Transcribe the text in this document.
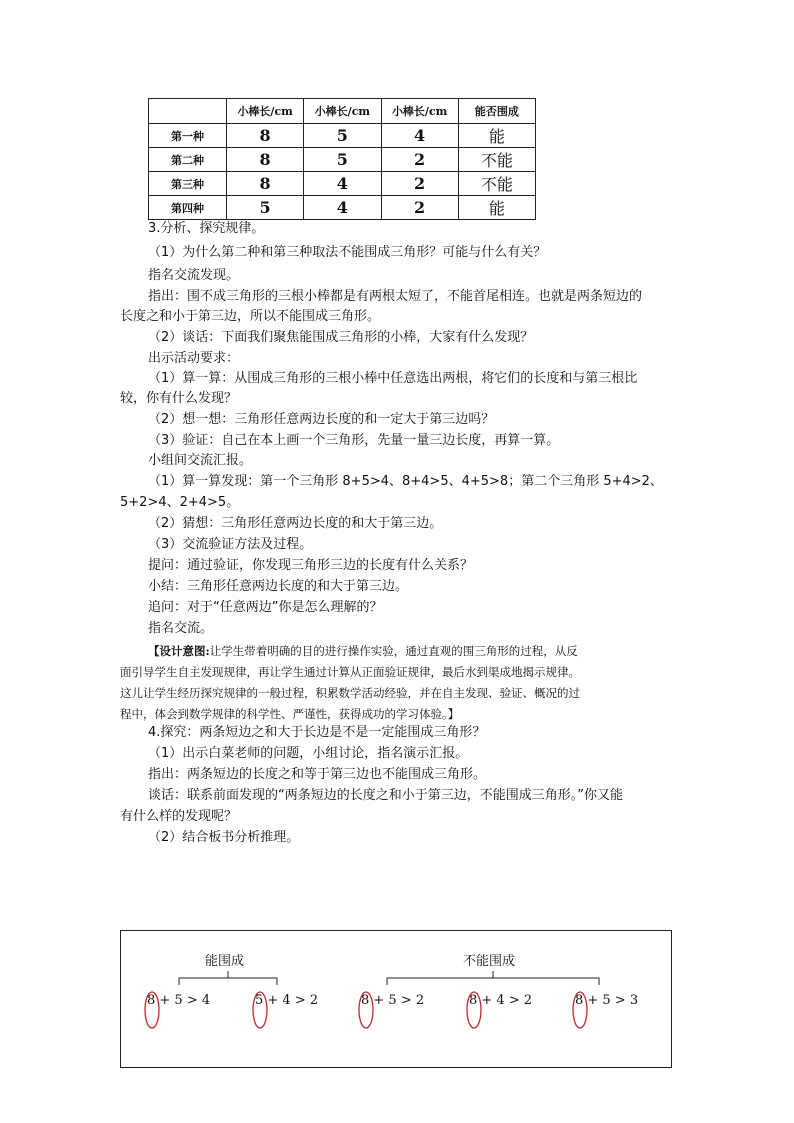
	小棒长/cm	小棒长/cm	小棒长/cm	能否围成
第一种	8	5	4	能
第二种	8	5	2	不能
第三种	8	4	2	不能
第四种	5	4	2	能
3.分析、探究规律。
（1）为什么第二种和第三种取法不能围成三角形？可能与什么有关？
指名交流发现。
指出：围不成三角形的三根小棒都是有两根太短了，不能首尾相连。也就是两条短边的
长度之和小于第三边，所以不能围成三角形。
（2）谈话：下面我们聚焦能围成三角形的小棒，大家有什么发现？
出示活动要求：
（1）算一算：从围成三角形的三根小棒中任意选出两根，将它们的长度和与第三根比
较，你有什么发现？
（2）想一想：三角形任意两边长度的和一定大于第三边吗？
（3）验证：自己在本上画一个三角形，先量一量三边长度，再算一算。
小组间交流汇报。
（1）算一算发现：第一个三角形 8+5>4、8+4>5、4+5>8；第二个三角形 5+4>2、
5+2>4、2+4>5。
（2）猜想：三角形任意两边长度的和大于第三边。
（3）交流验证方法及过程。
提问：通过验证，你发现三角形三边的长度有什么关系？
小结：三角形任意两边长度的和大于第三边。
追问：对于“任意两边”你是怎么理解的？
指名交流。
【设计意图:让学生带着明确的目的进行操作实验，通过直观的围三角形的过程，从反
面引导学生自主发现规律，再让学生通过计算从正面验证规律，最后水到渠成地揭示规律。
这儿让学生经历探究规律的一般过程，积累数学活动经验，并在自主发现、验证、概况的过
程中，体会到数学规律的科学性、严谨性，获得成功的学习体验。】
4.探究：两条短边之和大于长边是不是一定能围成三角形？
（1）出示白菜老师的问题，小组讨论，指名演示汇报。
指出：两条短边的长度之和等于第三边也不能围成三角形。
谈话：联系前面发现的“两条短边的长度之和小于第三边，不能围成三角形。”你又能
有什么样的发现呢？
（2）结合板书分析推理。
能围成	不能围成
8 + 5 > 4	5 + 4 > 2	8 + 5 > 2	8 + 4 > 2	8 + 5 > 3
